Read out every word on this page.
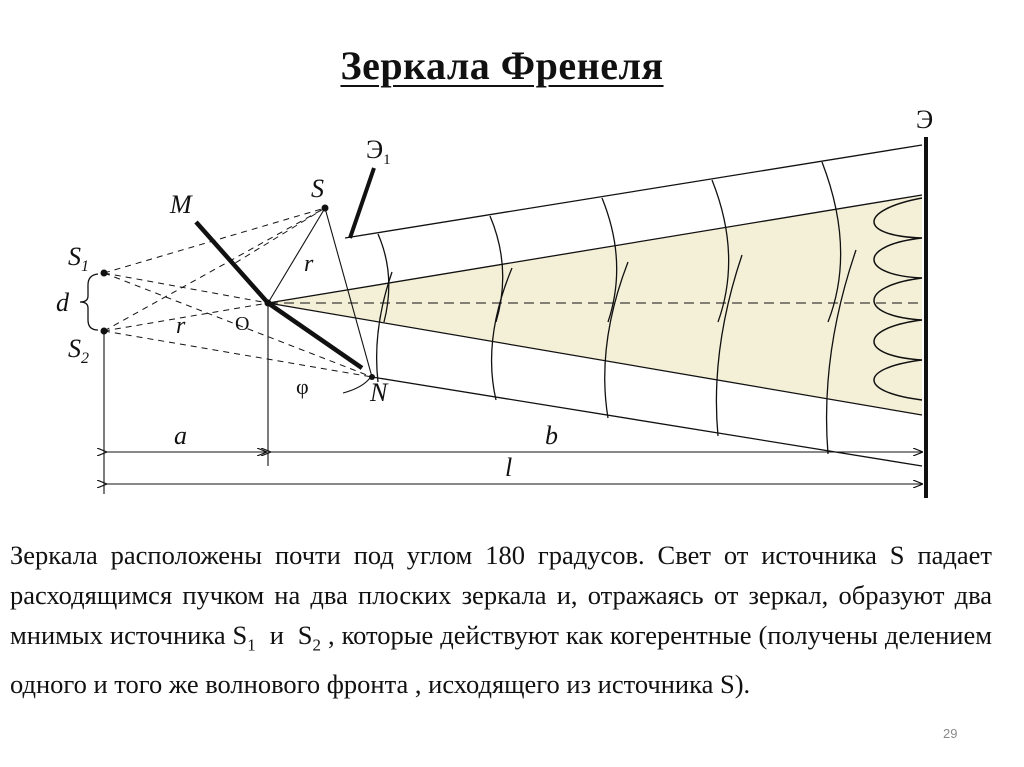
Зеркала Френеля
S
M
$S_1$
$S_2$
d
O
r
r
φ N
$Э_1$
Э
a	b
l
Зеркала расположены почти под углом 180 градусов. Свет от источника S падает расходящимся пучком на два плоских зеркала и, отражаясь от зеркал, образуют два мнимых источника $S_1$  и  $S_2$ , которые действуют как когерентные (получены делением одного и того же волнового фронта , исходящего из источника S).
29
